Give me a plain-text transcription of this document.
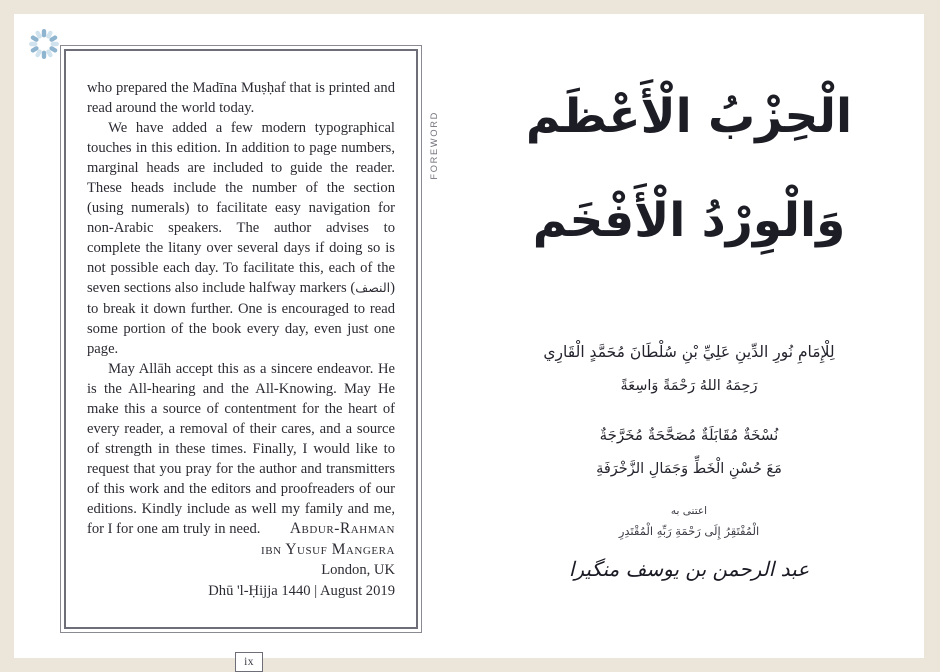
who prepared the Madīna Muṣḥaf that is printed and read around the world today.

We have added a few modern typographical touches in this edition. In addition to page numbers, marginal heads are included to guide the reader. These heads include the number of the section (using numerals) to facilitate easy navigation for non-Arabic speakers. The author advises to complete the litany over several days if doing so is not possible each day. To facilitate this, each of the seven sections also include halfway markers (النصف) to break it down further. One is encouraged to read some portion of the book every day, even just one page.

May Allāh accept this as a sincere endeavor. He is the All-hearing and the All-Knowing. May He make this a source of contentment for the heart of every reader, a removal of their cares, and a source of strength in these times. Finally, I would like to request that you pray for the author and transmitters of this work and the editors and proofreaders of our editions. Kindly include as well my family and me, for I for one am truly in need.	Abdur-Rahman
ibn Yusuf Mangera
London, UK
Dhū 'l-Ḥijja 1440 | August 2019
ix
FOREWORD	الْحِزْبُ الْأَعْظَم
وَالْوِرْدُ الْأَفْخَم
لِلْإِمَامِ نُورِ الدِّينِ عَلِيِّ بْنِ سُلْطَانَ مُحَمَّدٍ الْقَارِي
رَحِمَهُ اللهُ رَحْمَةً وَاسِعَةً
نُسْخَةٌ مُقَابَلَةٌ مُصَحَّحَةٌ مُخَرَّجَةٌ
مَعَ حُسْنِ الْخَطِّ وَجَمَالِ الزَّخْرَفَةِ
اعتنى به
الْمُفْتَقِرُ إِلَى رَحْمَةِ رَبِّهِ الْمُقْتَدِرِ
عبد الرحمن بن يوسف منگيرا
